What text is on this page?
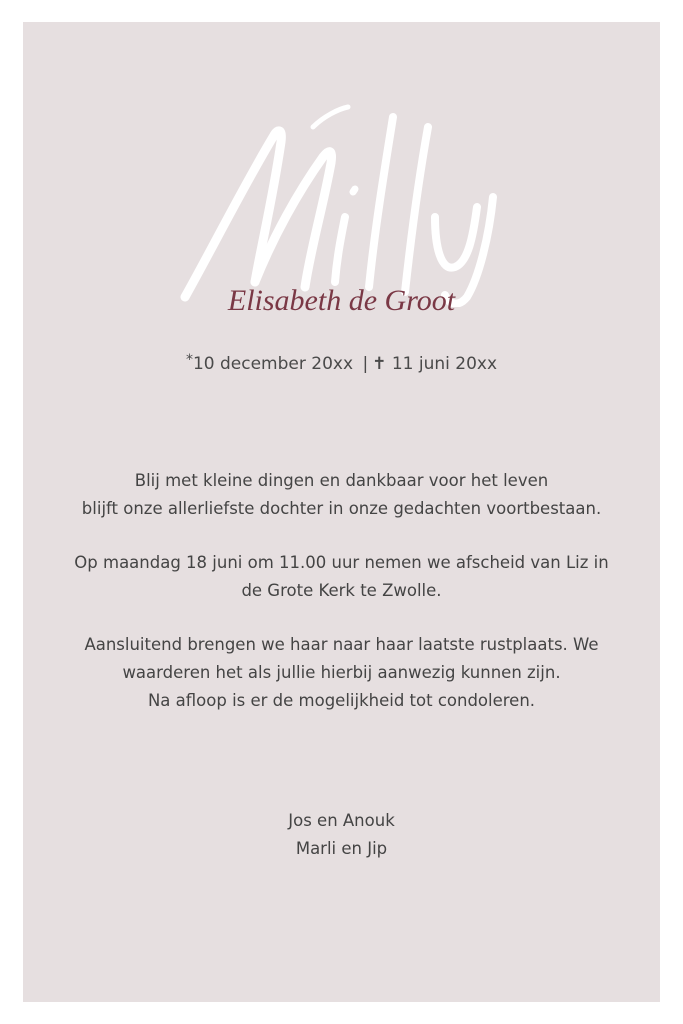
Elisabeth de Groot
*10 december 20xx | ✝ 11 juni 20xx

Blij met kleine dingen en dankbaar voor het leven
blijft onze allerliefste dochter in onze gedachten voortbestaan.

Op maandag 18 juni om 11.00 uur nemen we afscheid van Liz in
de Grote Kerk te Zwolle.

Aansluitend brengen we haar naar haar laatste rustplaats. We
waarderen het als jullie hierbij aanwezig kunnen zijn.
Na afloop is er de mogelijkheid tot condoleren.

Jos en Anouk
Marli en Jip
